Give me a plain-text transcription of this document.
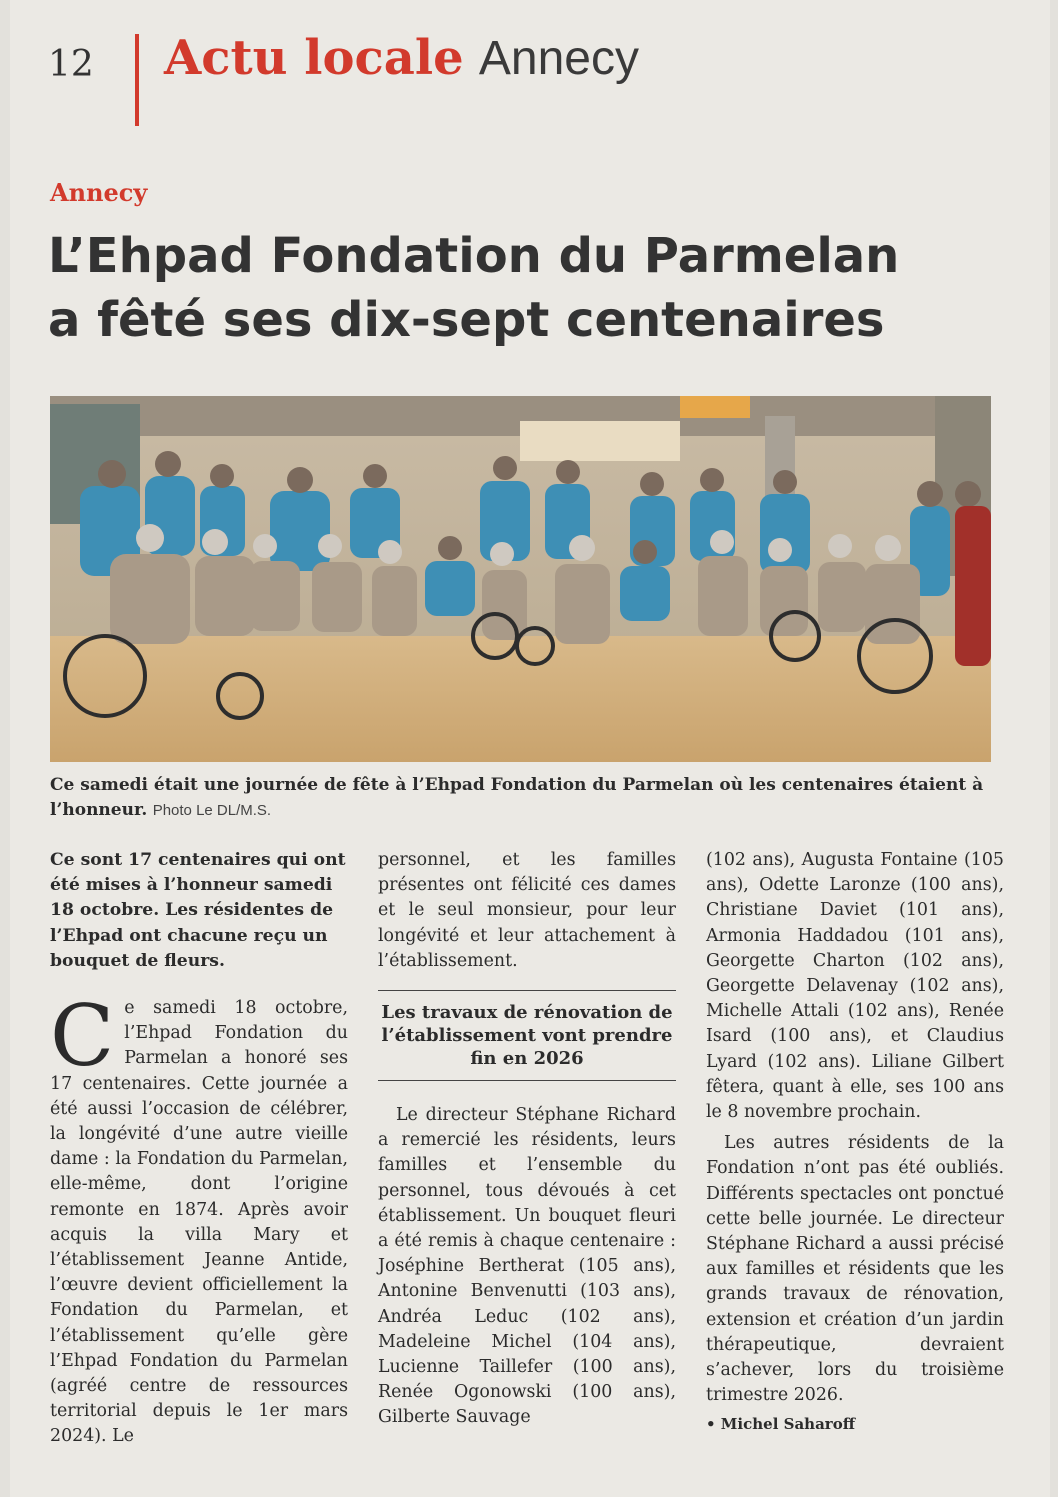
12 Actu locale Annecy
Annecy
L’Ehpad Fondation du Parmelan
a fêté ses dix-sept centenaires
Ce samedi était une journée de fête à l’Ehpad Fondation du Parmelan où les centenaires étaient à l’honneur. Photo Le DL/M.S.
Ce sont 17 centenaires qui ont été mises à l’honneur samedi 18 octobre. Les résidentes de l’Ehpad ont chacune reçu un bouquet de fleurs.

C e samedi 18 octobre, l’Ehpad Fondation du Parmelan a honoré ses 17 centenaires. Cette journée a été aussi l’occasion de célébrer, la longévité d’une autre vieille dame : la Fondation du Parmelan, elle-même, dont l’origine remonte en 1874. Après avoir acquis la villa Mary et l’établissement Jeanne Antide, l’œuvre devient officiellement la Fondation du Parmelan, et l’établissement qu’elle gère l’Ehpad Fondation du Parmelan (agréé centre de ressources territorial depuis le 1er mars 2024). Le

personnel, et les familles présentes ont félicité ces dames et le seul monsieur, pour leur longévité et leur attachement à l’établissement.

Les travaux de rénovation de l’établissement vont prendre fin en 2026

Le directeur Stéphane Richard a remercié les résidents, leurs familles et l’ensemble du personnel, tous dévoués à cet établissement. Un bouquet fleuri a été remis à chaque centenaire : Joséphine Bertherat (105 ans), Antonine Benvenutti (103 ans), Andréa Leduc (102 ans), Madeleine Michel (104 ans), Lucienne Taillefer (100 ans), Renée Ogonowski (100 ans), Gilberte Sauvage

(102 ans), Augusta Fontaine (105 ans), Odette Laronze (100 ans), Christiane Daviet (101 ans), Armonia Haddadou (101 ans), Georgette Charton (102 ans), Georgette Delavenay (102 ans), Michelle Attali (102 ans), Renée Isard (100 ans), et Claudius Lyard (102 ans). Liliane Gilbert fêtera, quant à elle, ses 100 ans le 8 novembre prochain.

Les autres résidents de la Fondation n’ont pas été oubliés. Différents spectacles ont ponctué cette belle journée. Le directeur Stéphane Richard a aussi précisé aux familles et résidents que les grands travaux de rénovation, extension et création d’un jardin thérapeutique, devraient s’achever, lors du troisième trimestre 2026.

• Michel Saharoff
